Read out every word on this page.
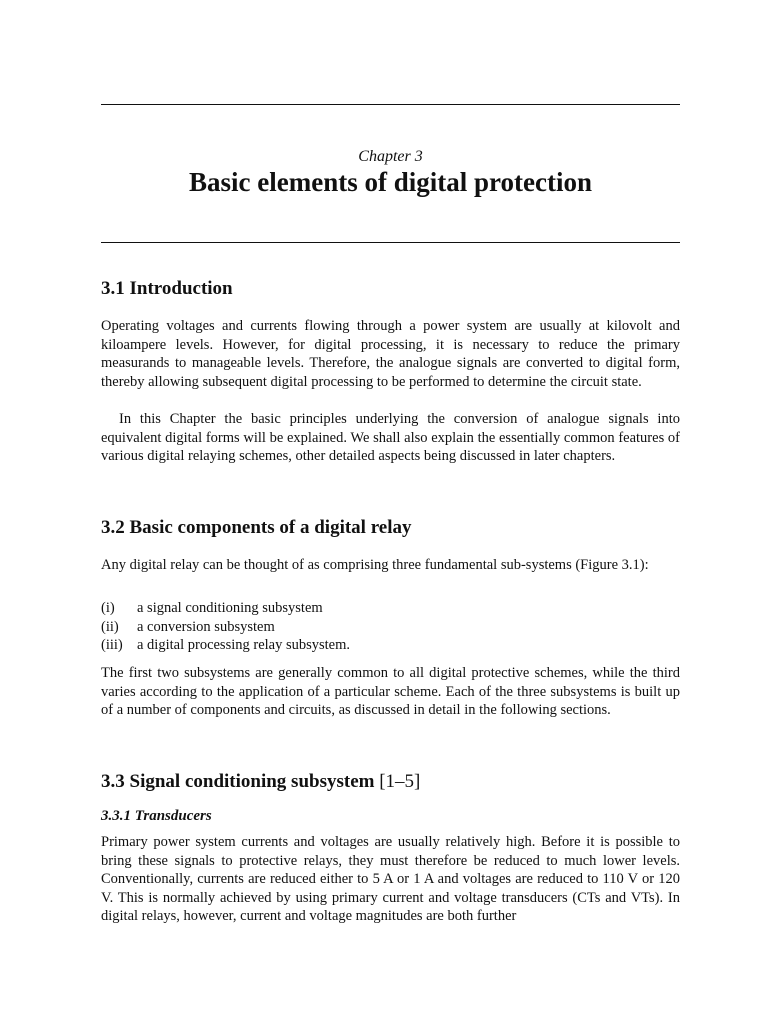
Chapter 3
Basic elements of digital protection
3.1 Introduction

Operating voltages and currents flowing through a power system are usually at kilovolt and kiloampere levels. However, for digital processing, it is necessary to reduce the primary measurands to manageable levels. Therefore, the analogue signals are converted to digital form, thereby allowing subsequent digital processing to be performed to determine the circuit state.

In this Chapter the basic principles underlying the conversion of analogue signals into equivalent digital forms will be explained. We shall also explain the essentially common features of various digital relaying schemes, other detailed aspects being discussed in later chapters.

3.2 Basic components of a digital relay

Any digital relay can be thought of as comprising three fundamental sub-systems (Figure 3.1):

(i)	a signal conditioning subsystem
(ii)	a conversion subsystem
(iii) a digital processing relay subsystem.

The first two subsystems are generally common to all digital protective schemes, while the third varies according to the application of a particular scheme. Each of the three subsystems is built up of a number of components and circuits, as discussed in detail in the following sections.

3.3 Signal conditioning subsystem [1–5]
3.3.1 Transducers

Primary power system currents and voltages are usually relatively high. Before it is possible to bring these signals to protective relays, they must therefore be reduced to much lower levels. Conventionally, currents are reduced either to 5 A or 1 A and voltages are reduced to 110 V or 120 V. This is normally achieved by using primary current and voltage transducers (CTs and VTs). In digital relays, however, current and voltage magnitudes are both further
